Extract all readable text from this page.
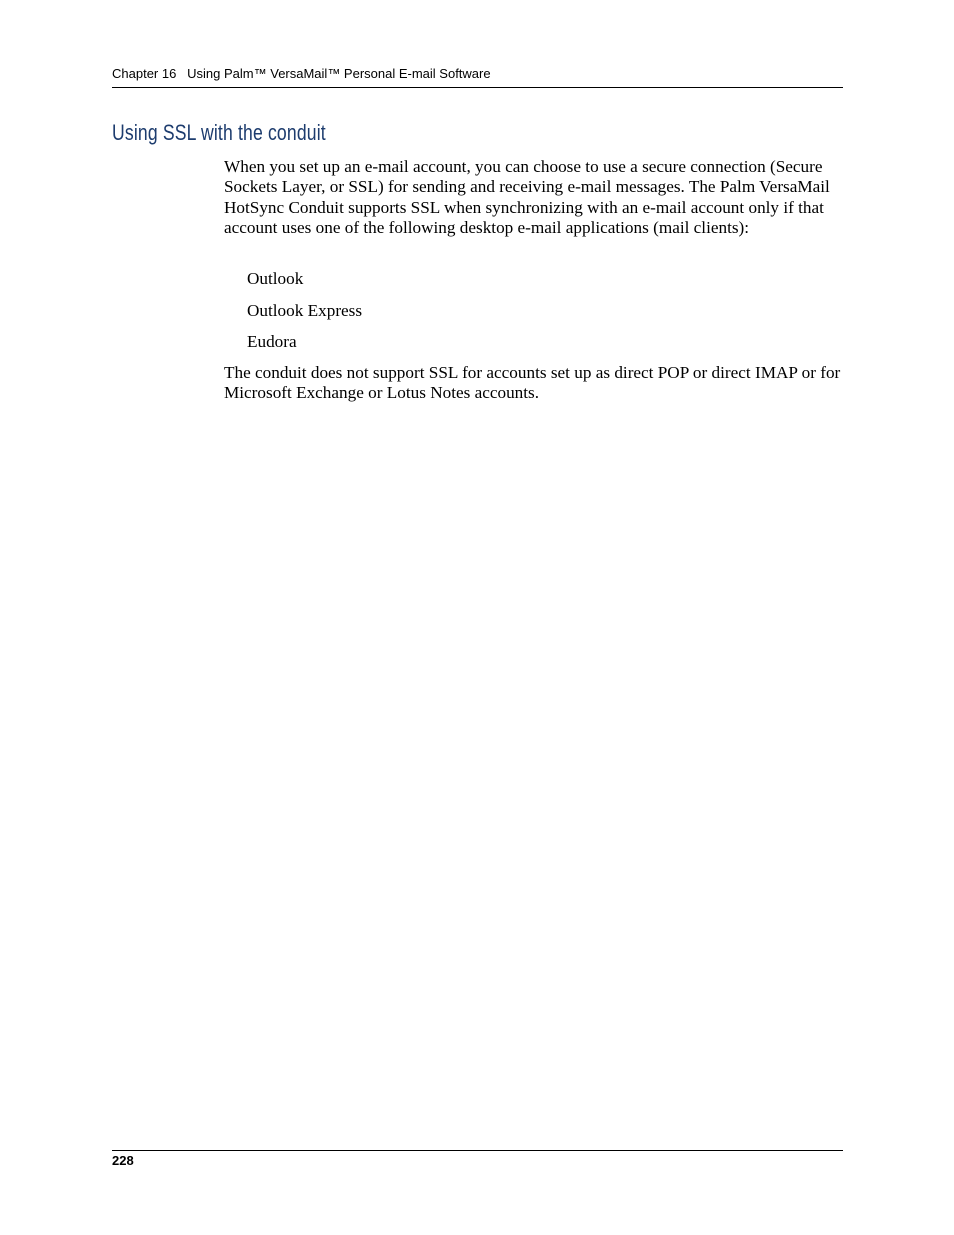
Chapter 16   Using Palm™ VersaMail™ Personal E-mail Software
Using SSL with the conduit

When you set up an e-mail account, you can choose to use a secure connection (Secure Sockets Layer, or SSL) for sending and receiving e-mail messages. The Palm VersaMail HotSync Conduit supports SSL when synchronizing with an e-mail account only if that account uses one of the following desktop e-mail applications (mail clients):

Outlook
Outlook Express
Eudora

The conduit does not support SSL for accounts set up as direct POP or direct IMAP or for Microsoft Exchange or Lotus Notes accounts.

228
